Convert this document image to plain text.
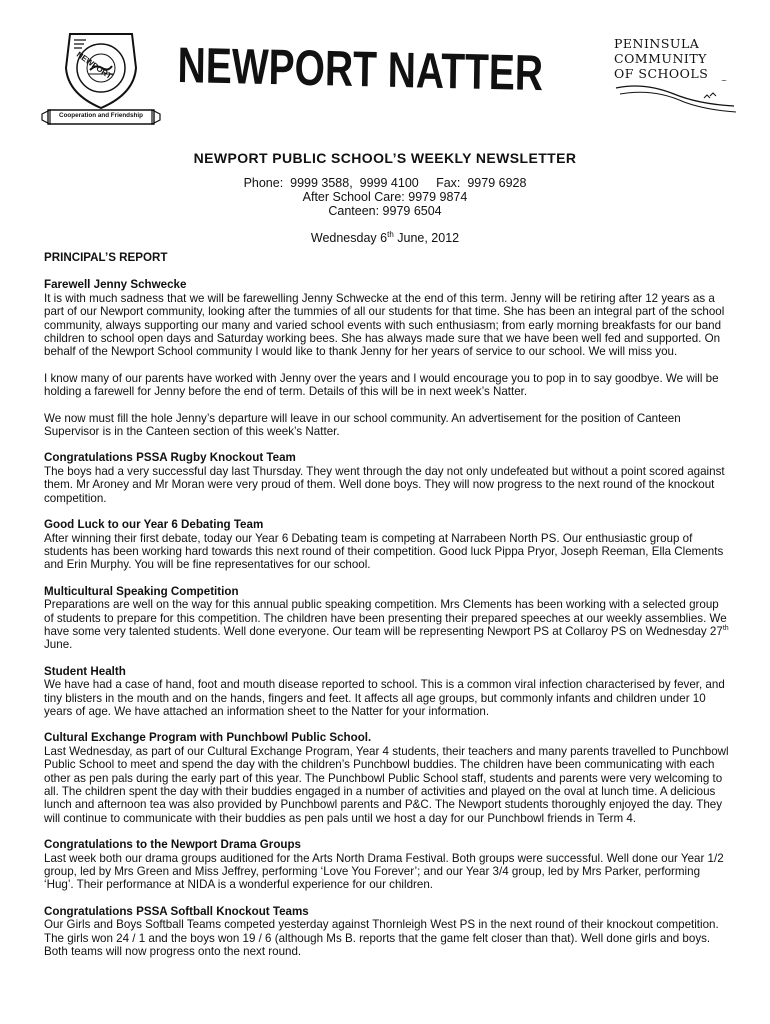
NEWPORT
Cooperation and Friendship
NEWPORT NATTER	PENINSULA
COMMUNITY
OF SCHOOLS
NEWPORT PUBLIC SCHOOL’S WEEKLY NEWSLETTER
Phone:  9999 3588,  9999 4100     Fax:  9979 6928
After School Care: 9979 9874
Canteen: 9979 6504
Wednesday 6th June, 2012
PRINCIPAL’S REPORT
Farewell Jenny Schwecke

It is with much sadness that we will be farewelling Jenny Schwecke at the end of this term. Jenny will be retiring after 12 years as a part of our Newport community, looking after the tummies of all our students for that time. She has been an integral part of the school community, always supporting our many and varied school events with such enthusiasm; from early morning breakfasts for our band children to school open days and Saturday working bees. She has always made sure that we have been well fed and supported. On behalf of the Newport School community I would like to thank Jenny for her years of service to our school. We will miss you.

I know many of our parents have worked with Jenny over the years and I would encourage you to pop in to say goodbye. We will be holding a farewell for Jenny before the end of term. Details of this will be in next week’s Natter.

We now must fill the hole Jenny’s departure will leave in our school community. An advertisement for the position of Canteen Supervisor is in the Canteen section of this week’s Natter.

Congratulations PSSA Rugby Knockout Team

The boys had a very successful day last Thursday. They went through the day not only undefeated but without a point scored against them. Mr Aroney and Mr Moran were very proud of them. Well done boys. They will now progress to the next round of the knockout competition.

Good Luck to our Year 6 Debating Team

After winning their first debate, today our Year 6 Debating team is competing at Narrabeen North PS. Our enthusiastic group of students has been working hard towards this next round of their competition. Good luck Pippa Pryor, Joseph Reeman, Ella Clements and Erin Murphy. You will be fine representatives for our school.

Multicultural Speaking Competition

Preparations are well on the way for this annual public speaking competition. Mrs Clements has been working with a selected group of students to prepare for this competition. The children have been presenting their prepared speeches at our weekly assemblies. We have some very talented students. Well done everyone. Our team will be representing Newport PS at Collaroy PS on Wednesday 27th June.

Student Health

We have had a case of hand, foot and mouth disease reported to school. This is a common viral infection characterised by fever, and tiny blisters in the mouth and on the hands, fingers and feet. It affects all age groups, but commonly infants and children under 10 years of age. We have attached an information sheet to the Natter for your information.

Cultural Exchange Program with Punchbowl Public School.

Last Wednesday, as part of our Cultural Exchange Program, Year 4 students, their teachers and many parents travelled to Punchbowl Public School to meet and spend the day with the children’s Punchbowl buddies. The children have been communicating with each other as pen pals during the early part of this year. The Punchbowl Public School staff, students and parents were very welcoming to all. The children spent the day with their buddies engaged in a number of activities and played on the oval at lunch time. A delicious lunch and afternoon tea was also provided by Punchbowl parents and P&C. The Newport students thoroughly enjoyed the day. They will continue to communicate with their buddies as pen pals until we host a day for our Punchbowl friends in Term 4.

Congratulations to the Newport Drama Groups

Last week both our drama groups auditioned for the Arts North Drama Festival. Both groups were successful. Well done our Year 1/2 group, led by Mrs Green and Miss Jeffrey, performing ‘Love You Forever’; and our Year 3/4 group, led by Mrs Parker, performing ‘Hug’. Their performance at NIDA is a wonderful experience for our children.

Congratulations PSSA Softball Knockout Teams

Our Girls and Boys Softball Teams competed yesterday against Thornleigh West PS in the next round of their knockout competition. The girls won 24 / 1 and the boys won 19 / 6 (although Ms B. reports that the game felt closer than that). Well done girls and boys. Both teams will now progress onto the next round.
